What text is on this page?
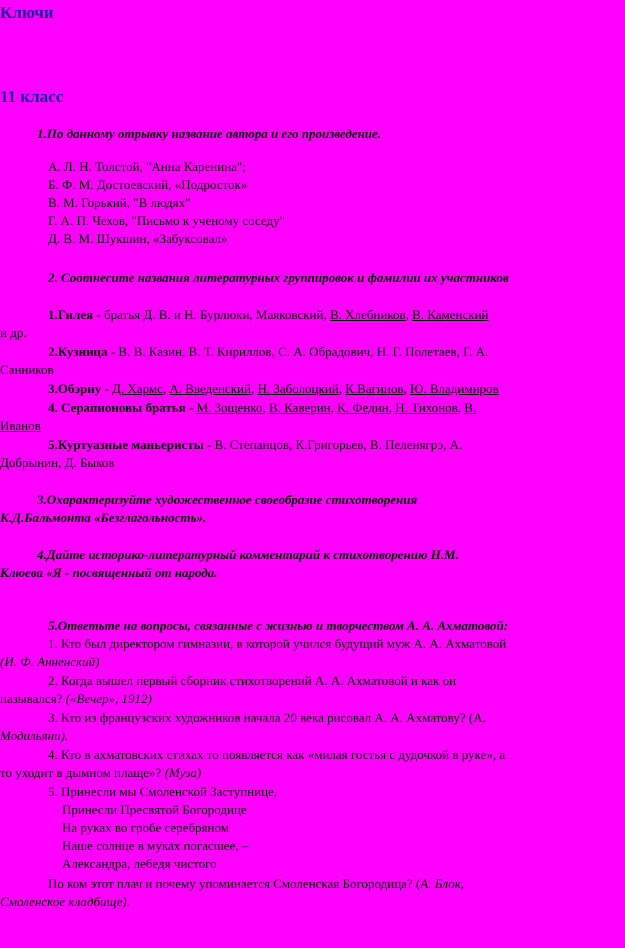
Ключи
11 класс
1.По данному отрывку название автора и его произведение.
А. Л. Н. Толстой, "Анна Каренина";
Б. Ф. М. Достоевский, «Подросток»
В. М. Горький, "В людях"
Г. А. П. Чехов, "Письмо к ученому соседу"
Д. В. М. Шукшин, «Забуксовал»
2. Соотнесите названия литературных группировок и фамилии их участников
1.Гилея - братья Д. В. и Н. Бурлюки, Маяковский, В. Хлебников, В. Каменский
и др.
2.Кузница - В. В. Казин, В. Т. Кириллов, С. А. Обрадович, Н. Г. Полетаев, Г. А.
Санников
3.Обэриу - Д. Хармс, А. Введенский, Н. Заболоцкий, К.Вагинов, Ю. Владимиров
4. Серапионовы братья - М. Зощенко, В. Каверин, К. Федин, Н. Тихонов, В.
Иванов
5.Куртуазные маньеристы - В. Степанцов, К.Григорьев, В. Пеленягрэ, А.
Добрынин, Д. Быков
3.Охарактеризуйте художественное своеобразие стихотворения
К.Д.Бальмонта «Безглагольность».
4.Дайте историко-литературный комментарий к стихотворению Н.М.
Клюева «Я - посвященный от народа.
5.Ответьте на вопросы, связанные с жизнью и творчеством А. А. Ахматовой:
1. Кто был директором гимназии, в которой учился будущий муж А. А. Ахматовой
(И. Ф. Анненский)
2. Когда вышел первый сборник стихотворений А. А. Ахматовой и как он
назывался? («Вечер», 1912)
3. Кто из французских художников начала 20 века рисовал А. А. Ахматову? (А.
Модильяни).
4. Кто в ахматовских стихах то появляется как «милая гостья с дудочкой в руке», а
то уходит в дымном плаще»? (Муза)
5. Принесли мы Смоленской Заступнице,
Принесли Пресвятой Богородице
На руках во гробе серебряном
Наше солнце в муках погасшее, –
Александра, лебедя чистого
По ком этот плач и почему упоминается Смоленская Богородица? (А. Блок,
Смоленское кладбище).
